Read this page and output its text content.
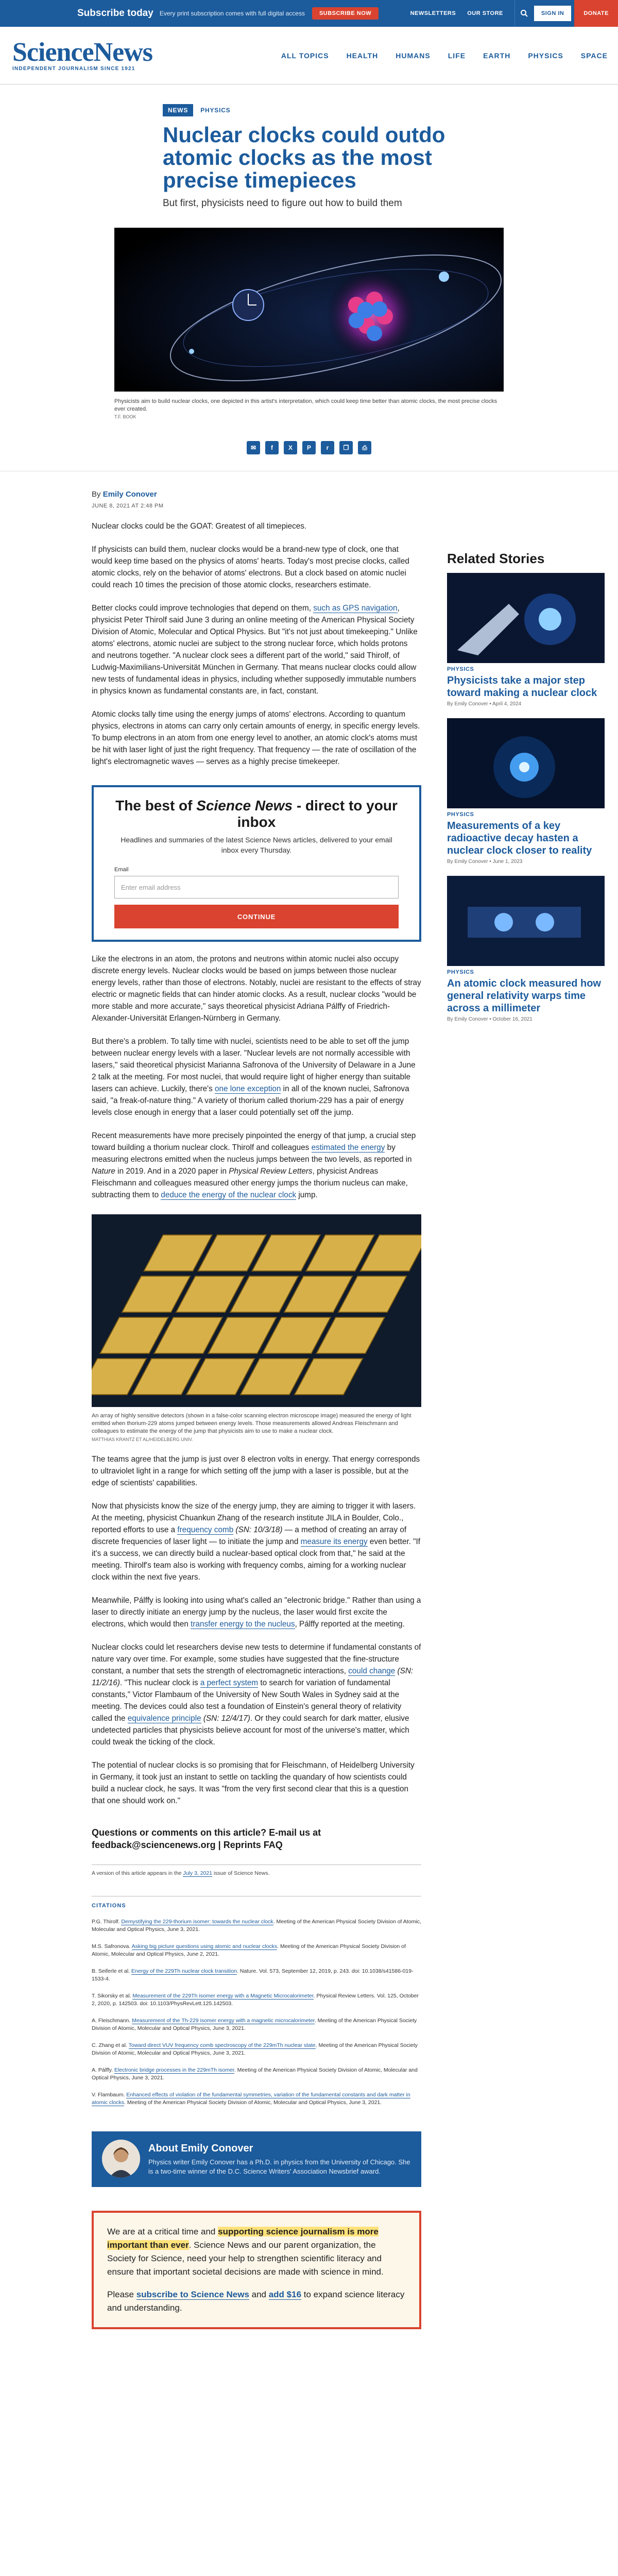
Subscribe today Every print subscription comes with full digital access	SUBSCRIBE NOW	NEWSLETTERS OUR STORE	SIGN IN	DONATE
ScienceNews
INDEPENDENT JOURNALISM SINCE 1921
ALL TOPICS HEALTH HUMANS LIFE EARTH PHYSICS SPACE
NEWS	PHYSICS
Nuclear clocks could outdo atomic clocks as the most precise timepieces
But first, physicists need to figure out how to build them
Physicists aim to build nuclear clocks, one depicted in this artist's interpretation, which could keep time better than atomic clocks, the most precise clocks ever created.
T.F. BOOK
✉	f	X	P	r	❐	⎙
By Emily Conover
JUNE 8, 2021 AT 2:48 PM

Nuclear clocks could be the GOAT: Greatest of all timepieces.

If physicists can build them, nuclear clocks would be a brand-new type of clock, one that would keep time based on the physics of atoms' hearts. Today's most precise clocks, called atomic clocks, rely on the behavior of atoms' electrons. But a clock based on atomic nuclei could reach 10 times the precision of those atomic clocks, researchers estimate.

Better clocks could improve technologies that depend on them, such as GPS navigation, physicist Peter Thirolf said June 3 during an online meeting of the American Physical Society Division of Atomic, Molecular and Optical Physics. But "it's not just about timekeeping." Unlike atoms' electrons, atomic nuclei are subject to the strong nuclear force, which holds protons and neutrons together. "A nuclear clock sees a different part of the world," said Thirolf, of Ludwig-Maximilians-Universität München in Germany. That means nuclear clocks could allow new tests of fundamental ideas in physics, including whether supposedly immutable numbers in physics known as fundamental constants are, in fact, constant.

Atomic clocks tally time using the energy jumps of atoms' electrons. According to quantum physics, electrons in atoms can carry only certain amounts of energy, in specific energy levels. To bump electrons in an atom from one energy level to another, an atomic clock's atoms must be hit with laser light of just the right frequency. That frequency — the rate of oscillation of the light's electromagnetic waves — serves as a highly precise timekeeper.

The best of Science News - direct to your inbox
Headlines and summaries of the latest Science News articles, delivered to your email inbox every Thursday.
Email
Enter email address
CONTINUE

Like the electrons in an atom, the protons and neutrons within atomic nuclei also occupy discrete energy levels. Nuclear clocks would be based on jumps between those nuclear energy levels, rather than those of electrons. Notably, nuclei are resistant to the effects of stray electric or magnetic fields that can hinder atomic clocks. As a result, nuclear clocks "would be more stable and more accurate," says theoretical physicist Adriana Pálffy of Friedrich-Alexander-Universität Erlangen-Nürnberg in Germany.

But there's a problem. To tally time with nuclei, scientists need to be able to set off the jump between nuclear energy levels with a laser. "Nuclear levels are not normally accessible with lasers," said theoretical physicist Marianna Safronova of the University of Delaware in a June 2 talk at the meeting. For most nuclei, that would require light of higher energy than suitable lasers can achieve. Luckily, there's one lone exception in all of the known nuclei, Safronova said, "a freak-of-nature thing." A variety of thorium called thorium-229 has a pair of energy levels close enough in energy that a laser could potentially set off the jump.

Recent measurements have more precisely pinpointed the energy of that jump, a crucial step toward building a thorium nuclear clock. Thirolf and colleagues estimated the energy by measuring electrons emitted when the nucleus jumps between the two levels, as reported in Nature in 2019. And in a 2020 paper in Physical Review Letters, physicist Andreas Fleischmann and colleagues measured other energy jumps the thorium nucleus can make, subtracting them to deduce the energy of the nuclear clock jump.

An array of highly sensitive detectors (shown in a false-color scanning electron microscope image) measured the energy of light emitted when thorium-229 atoms jumped between energy levels. Those measurements allowed Andreas Fleischmann and colleagues to estimate the energy of the jump that physicists aim to use to make a nuclear clock.
MATTHIAS KRANTZ ET AL/HEIDELBERG UNIV.

The teams agree that the jump is just over 8 electron volts in energy. That energy corresponds to ultraviolet light in a range for which setting off the jump with a laser is possible, but at the edge of scientists' capabilities.

Now that physicists know the size of the energy jump, they are aiming to trigger it with lasers. At the meeting, physicist Chuankun Zhang of the research institute JILA in Boulder, Colo., reported efforts to use a frequency comb (SN: 10/3/18) — a method of creating an array of discrete frequencies of laser light — to initiate the jump and measure its energy even better. "If it's a success, we can directly build a nuclear-based optical clock from that," he said at the meeting. Thirolf's team also is working with frequency combs, aiming for a working nuclear clock within the next five years.

Meanwhile, Pálffy is looking into using what's called an "electronic bridge." Rather than using a laser to directly initiate an energy jump by the nucleus, the laser would first excite the electrons, which would then transfer energy to the nucleus, Pálffy reported at the meeting.

Nuclear clocks could let researchers devise new tests to determine if fundamental constants of nature vary over time. For example, some studies have suggested that the fine-structure constant, a number that sets the strength of electromagnetic interactions, could change (SN: 11/2/16). "This nuclear clock is a perfect system to search for variation of fundamental constants," Victor Flambaum of the University of New South Wales in Sydney said at the meeting. The devices could also test a foundation of Einstein's general theory of relativity called the equivalence principle (SN: 12/4/17). Or they could search for dark matter, elusive undetected particles that physicists believe account for most of the universe's matter, which could tweak the ticking of the clock.

The potential of nuclear clocks is so promising that for Fleischmann, of Heidelberg University in Germany, it took just an instant to settle on tackling the quandary of how scientists could build a nuclear clock, he says. It was "from the very first second clear that this is a question that one should work on."

Questions or comments on this article? E-mail us at feedback@sciencenews.org | Reprints FAQ
A version of this article appears in the July 3, 2021 issue of Science News.
CITATIONS
P.G. Thirolf. Demystifying the 229-thorium isomer: towards the nuclear clock. Meeting of the American Physical Society Division of Atomic, Molecular and Optical Physics, June 3, 2021.
M.S. Safronova. Asking big picture questions using atomic and nuclear clocks. Meeting of the American Physical Society Division of Atomic, Molecular and Optical Physics, June 2, 2021.
B. Seiferle et al. Energy of the 229Th nuclear clock transition. Nature. Vol. 573, September 12, 2019, p. 243. doi: 10.1038/s41586-019-1533-4.
T. Sikorsky et al. Measurement of the 229Th isomer energy with a Magnetic Microcalorimeter. Physical Review Letters. Vol. 125, October 2, 2020, p. 142503. doi: 10.1103/PhysRevLett.125.142503.
A. Fleischmann. Measurement of the Th-229 isomer energy with a magnetic microcalorimeter. Meeting of the American Physical Society Division of Atomic, Molecular and Optical Physics, June 3, 2021.
C. Zhang et al. Toward direct VUV frequency comb spectroscopy of the 229mTh nuclear state. Meeting of the American Physical Society Division of Atomic, Molecular and Optical Physics, June 3, 2021.
A. Pálffy. Electronic bridge processes in the 229mTh isomer. Meeting of the American Physical Society Division of Atomic, Molecular and Optical Physics, June 3, 2021.
V. Flambaum. Enhanced effects of violation of the fundamental symmetries, variation of the fundamental constants and dark matter in atomic clocks. Meeting of the American Physical Society Division of Atomic, Molecular and Optical Physics, June 3, 2021.
About Emily Conover
Physics writer Emily Conover has a Ph.D. in physics from the University of Chicago. She is a two-time winner of the D.C. Science Writers' Association Newsbrief award.

We are at a critical time and supporting science journalism is more important than ever. Science News and our parent organization, the Society for Science, need your help to strengthen scientific literacy and ensure that important societal decisions are made with science in mind.

Please subscribe to Science News and add $16 to expand science literacy and understanding.

Related Stories
PHYSICS
Physicists take a major step toward making a nuclear clock
By Emily Conover • April 4, 2024
PHYSICS
Measurements of a key radioactive decay hasten a nuclear clock closer to reality
By Emily Conover • June 1, 2023
PHYSICS
An atomic clock measured how general relativity warps time across a millimeter
By Emily Conover • October 16, 2021
